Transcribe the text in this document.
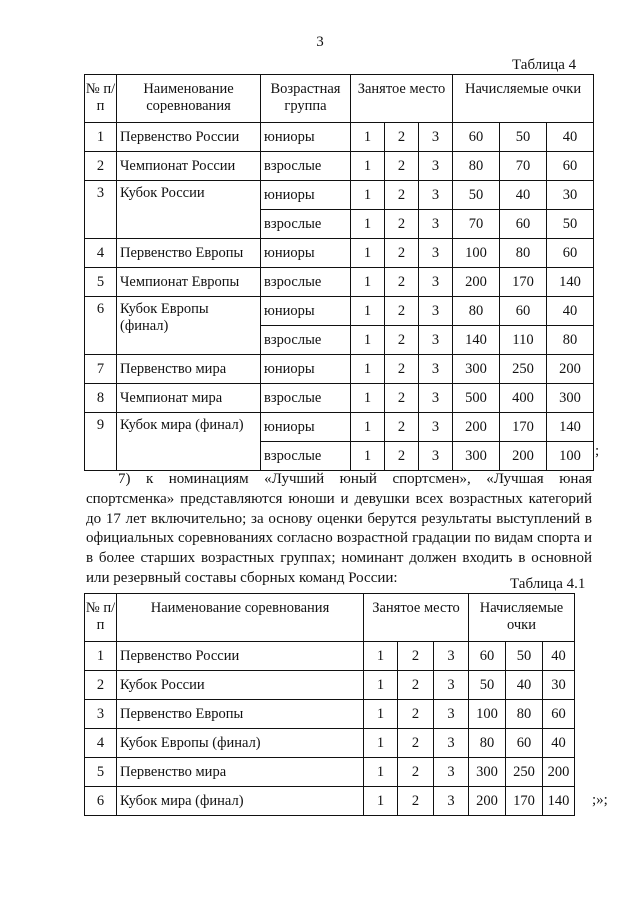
3
Таблица 4
№ п/п	Наименование соревнования	Возрастная группа	Занятое место			Начисляемые очки		
1	Первенство России	юниоры	1	2	3	60	50	40
2	Чемпионат России	взрослые	1	2	3	80	70	60
3	Кубок России	юниоры	1	2	3	50	40	30
		взрослые	1	2	3	70	60	50
4	Первенство Европы	юниоры	1	2	3	100	80	60
5	Чемпионат Европы	взрослые	1	2	3	200	170	140
6	Кубок Европы (финал)	юниоры	1	2	3	80	60	40
		взрослые	1	2	3	140	110	80
7	Первенство мира	юниоры	1	2	3	300	250	200
8	Чемпионат мира	взрослые	1	2	3	500	400	300
9	Кубок мира (финал)	юниоры	1	2	3	200	170	140
		взрослые	1	2	3	300	200	100 ;
7) к номинациям «Лучший юный спортсмен», «Лучшая юная спортсменка» представляются юноши и девушки всех возрастных категорий до 17 лет включительно; за основу оценки берутся результаты выступлений в официальных соревнованиях согласно возрастной градации по видам спорта и в более старших возрастных группах; номинант должен входить в основной или резервный составы сборных команд России:	Таблица 4.1
№ п/п	Наименование соревнования	Занятое место			Начисляемые очки		
1	Первенство России	1	2	3	60	50	40
2	Кубок России	1	2	3	50	40	30
3	Первенство Европы	1	2	3	100	80	60
4	Кубок Европы (финал)	1	2	3	80	60	40
5	Первенство мира	1	2	3	300	250	200
6	Кубок мира (финал)	1	2	3	200	170	140 ;»;
